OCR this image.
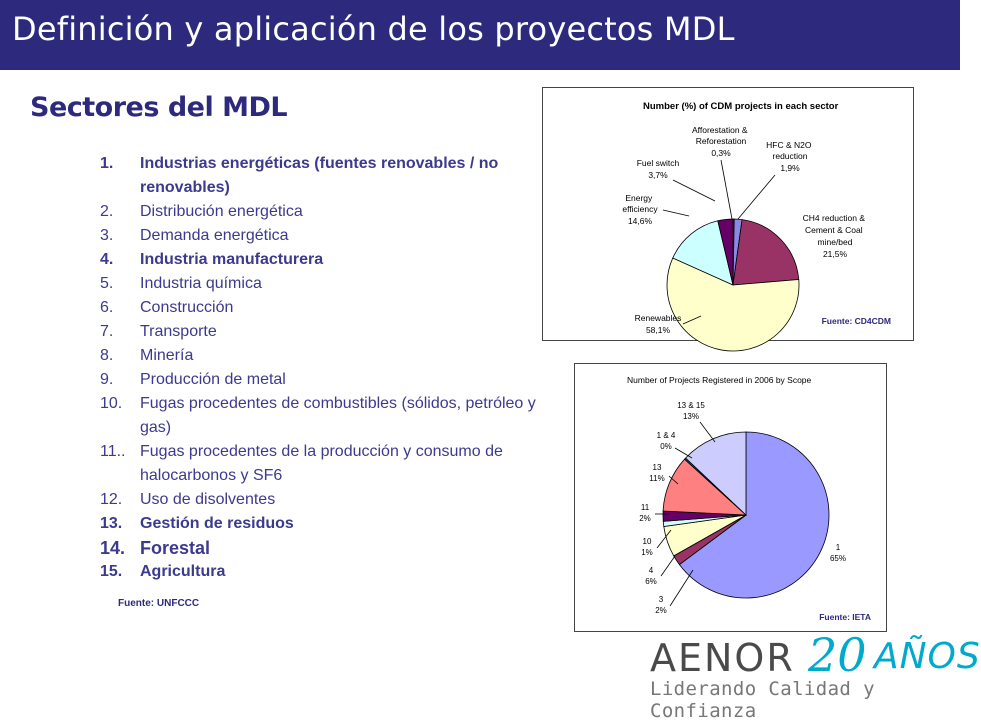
Definición y aplicación de los proyectos MDL
Sectores del MDL
1.	Industrias energéticas (fuentes renovables / no renovables)
2.	Distribución energética
3.	Demanda energética
4.	Industria manufacturera
5.	Industria química
6.	Construcción
7.	Transporte
8.	Minería
9.	Producción de metal
10.	Fugas procedentes de combustibles (sólidos, petróleo y gas)
11.. Fugas procedentes de la producción y consumo de halocarbonos y SF6
12.	Uso de disolventes
13.	Gestión de residuos
14. Forestal
15.	Agricultura
Fuente: UNFCCC
Number (%) of CDM projects in each sector
Afforestation & Reforestation
0,3%
HFC & N2O reduction
1,9%
Fuel switch
3,7%
Energy efficiency
14,6%	CH4 reduction & Cement & Coal mine/bed
21,5%
Renewables
58,1%
Fuente: CD4CDM
Number of Projects Registered in 2006 by Scope
13 & 15
13%
1 & 4
0%
13
11%
11
2%
10
1%
4
6%
3
2%
1
65%
Fuente: IETA
AENOR 20 AÑOS
Liderando Calidad y Confianza
